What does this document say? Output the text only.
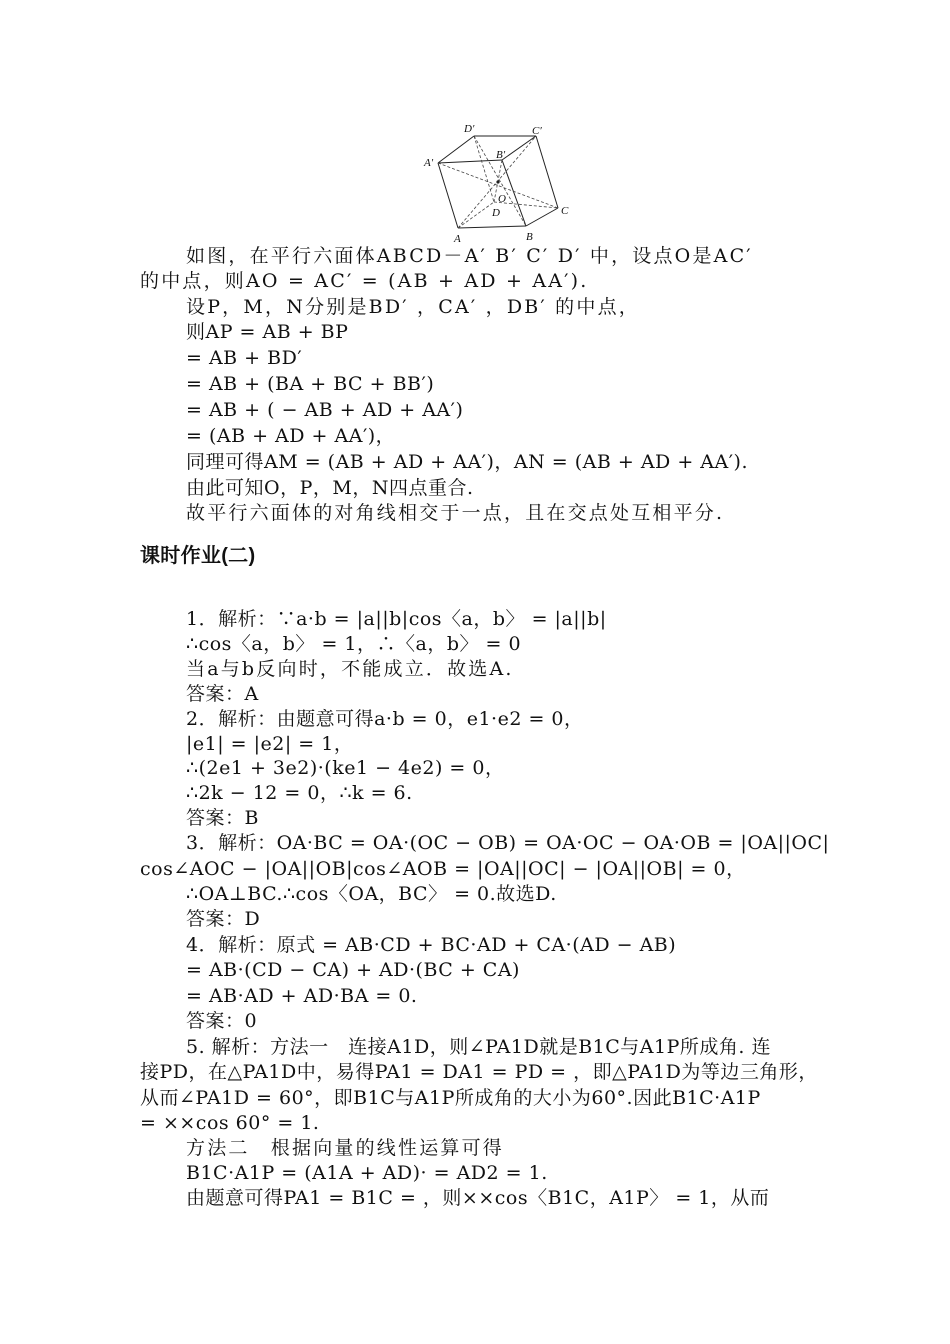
A′
D′	C′
B′
O
D	C
A	B
如图，在平行六面体ABCD－A′ B′ C′ D′ 中，设点O是AC′
的中点，则AO = AC′ = (AB + AD + AA′).
设P，M，N分别是BD′ ，CA′ ，DB′ 的中点，
则AP = AB + BP
= AB + BD′
= AB + (BA + BC + BB′)
= AB + ( − AB + AD + AA′)
= (AB + AD + AA′)，
同理可得AM = (AB + AD + AA′)，AN = (AB + AD + AA′).
由此可知O，P，M，N四点重合.
故平行六面体的对角线相交于一点，且在交点处互相平分.
课时作业(二)
1．解析：∵a·b = |a||b|cos〈a，b〉 = |a||b|
∴cos〈a，b〉 = 1，∴〈a，b〉 = 0
当a与b反向时，不能成立．故选A.
答案：A
2．解析：由题意可得a·b = 0，e1·e2 = 0，
|e1| = |e2| = 1，
∴(2e1 + 3e2)·(ke1 − 4e2) = 0，
∴2k − 12 = 0，∴k = 6.
答案：B
3．解析：OA·BC = OA·(OC − OB) = OA·OC − OA·OB = |OA||OC|
cos∠AOC − |OA||OB|cos∠AOB = |OA||OC| − |OA||OB| = 0，
∴OA⊥BC.∴cos〈OA，BC〉 = 0.故选D.
答案：D
4．解析：原式 = AB·CD + BC·AD + CA·(AD − AB)
= AB·(CD − CA) + AD·(BC + CA)
= AB·AD + AD·BA = 0.
答案：0
5. 解析：方法一　连接A1D，则∠PA1D就是B1C与A1P所成角. 连
接PD，在△PA1D中，易得PA1 = DA1 = PD = ，即△PA1D为等边三角形，
从而∠PA1D = 60°，即B1C与A1P所成角的大小为60°.因此B1C·A1P
= ××cos 60° = 1.
方法二　根据向量的线性运算可得
B1C·A1P = (A1A + AD)· = AD2 = 1.
由题意可得PA1 = B1C = ，则××cos〈B1C，A1P〉 = 1，从而
